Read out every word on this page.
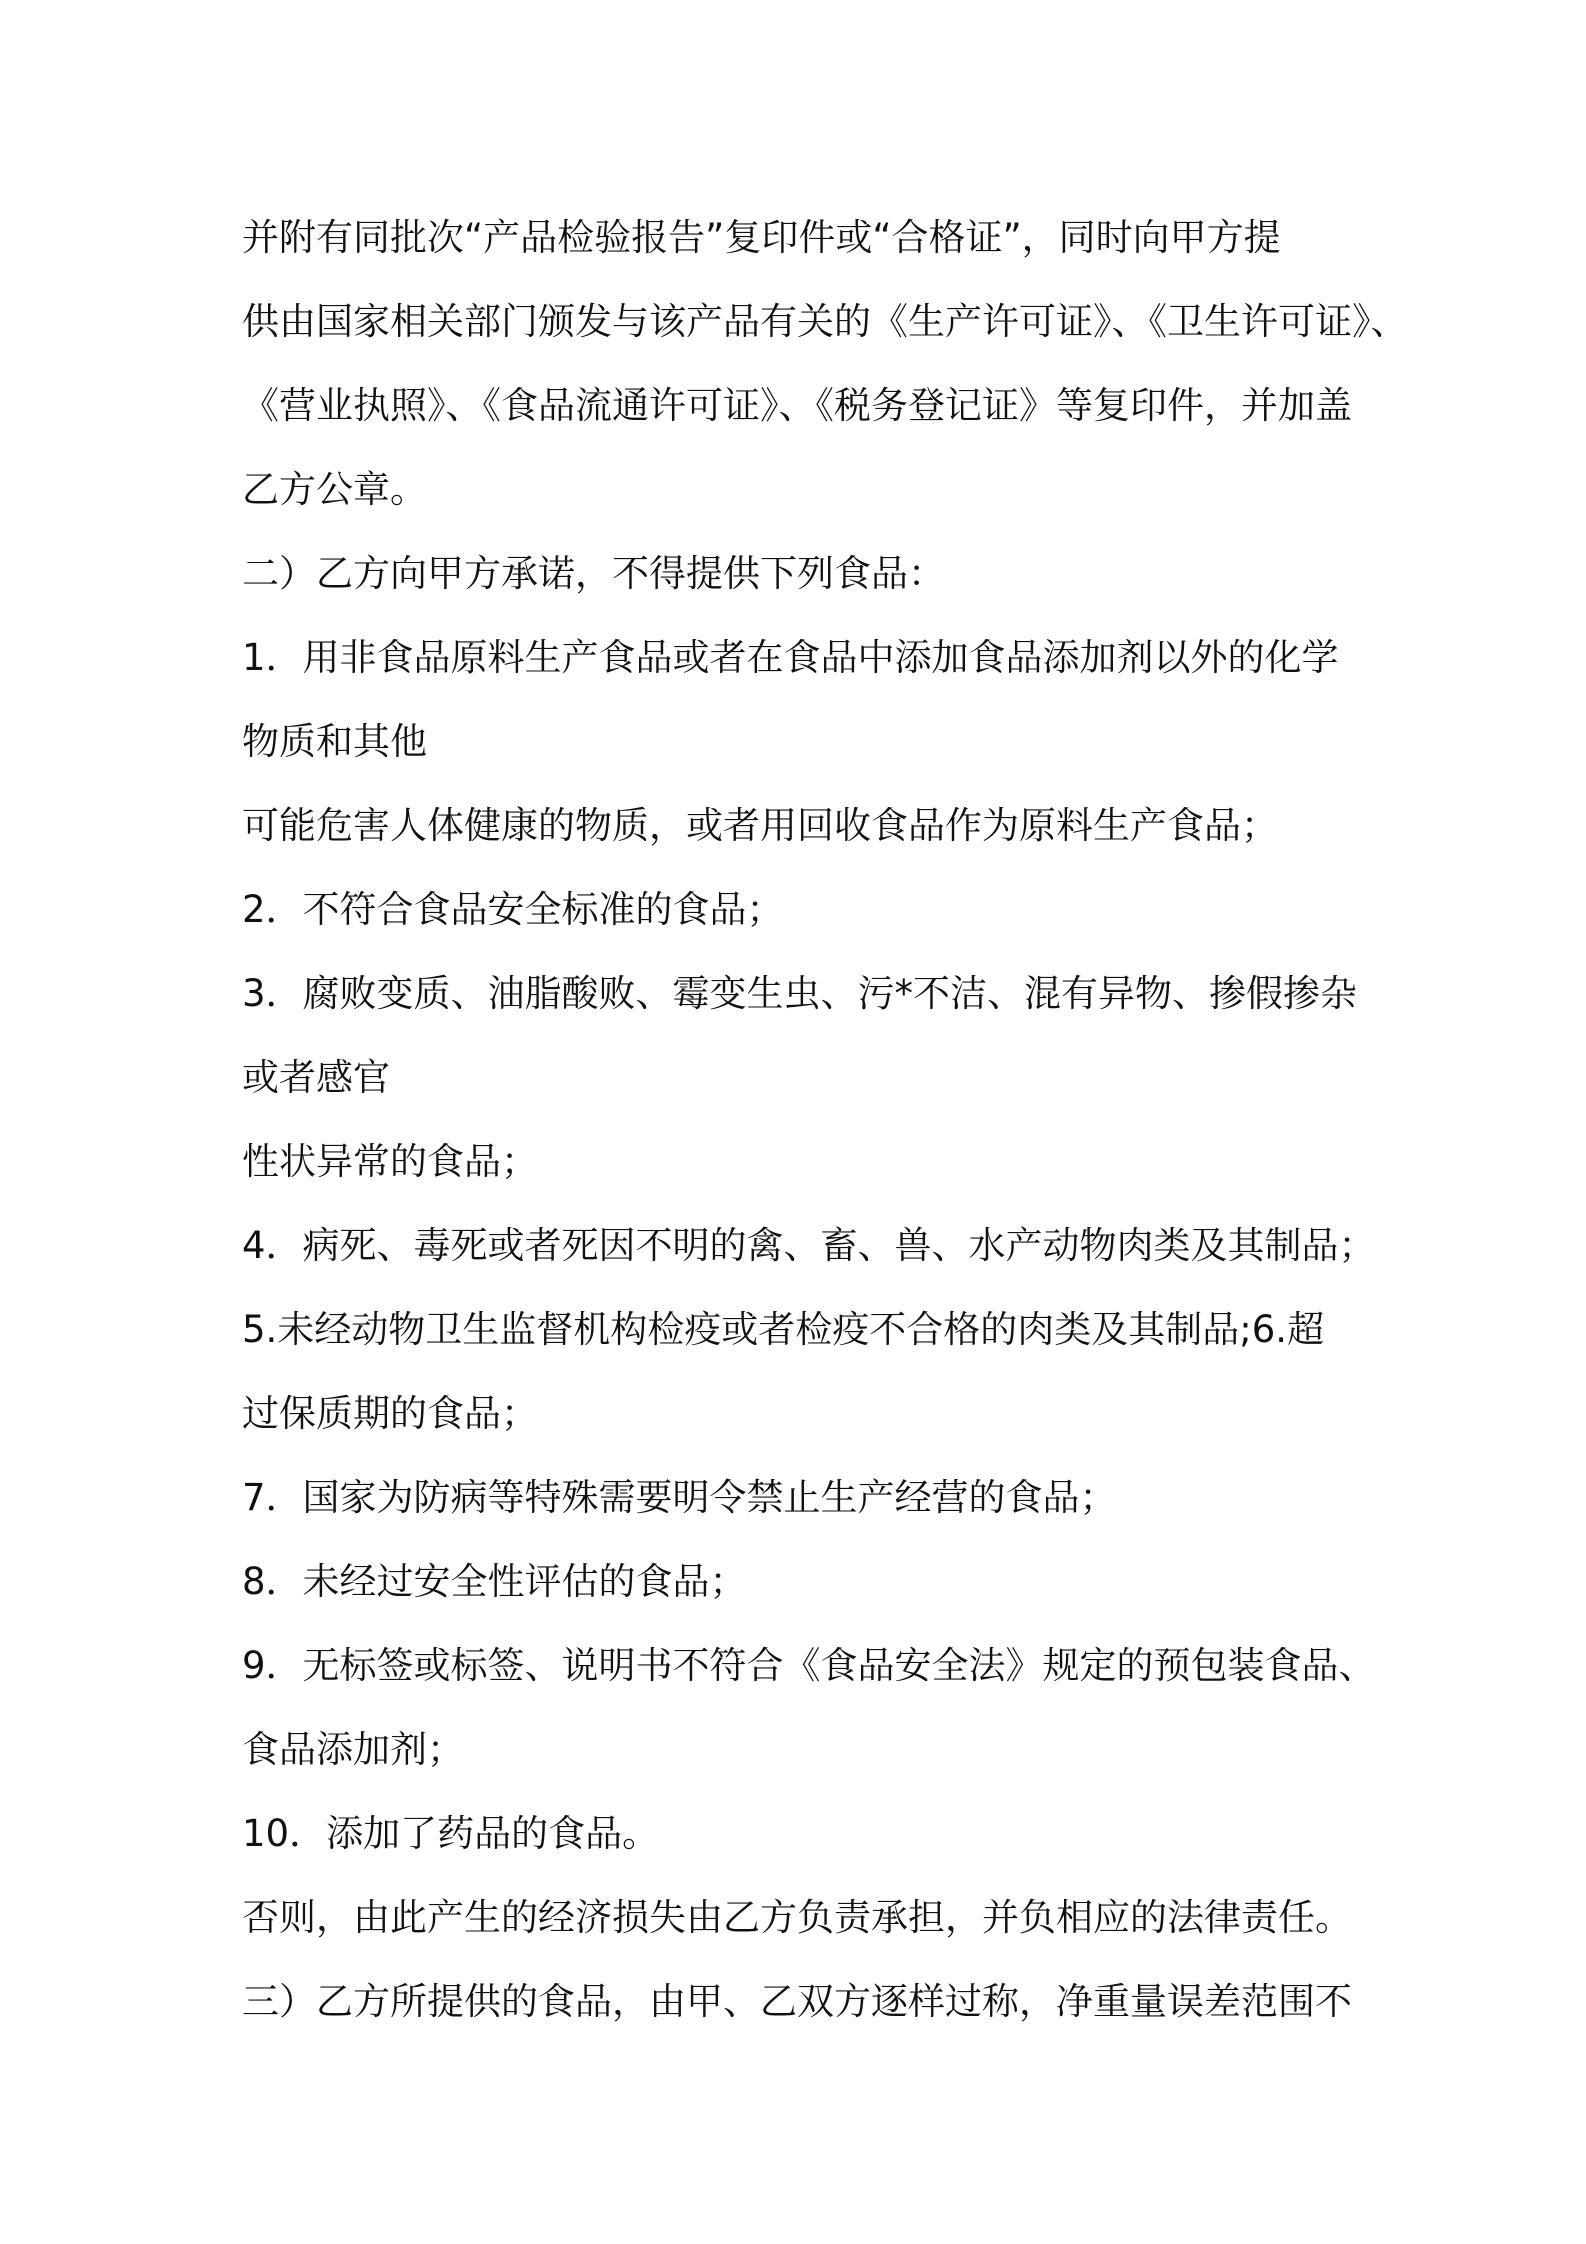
并附有同批次“产品检验报告”复印件或“合格证”，同时向甲方提
供由国家相关部门颁发与该产品有关的《生产许可证》、《卫生许可证》、
《营业执照》、《食品流通许可证》、《税务登记证》等复印件，并加盖
乙方公章。
二）乙方向甲方承诺，不得提供下列食品：
1．用非食品原料生产食品或者在食品中添加食品添加剂以外的化学
物质和其他
可能危害人体健康的物质，或者用回收食品作为原料生产食品；
2．不符合食品安全标准的食品；
3．腐败变质、油脂酸败、霉变生虫、污*不洁、混有异物、掺假掺杂
或者感官
性状异常的食品；
4．病死、毒死或者死因不明的禽、畜、兽、水产动物肉类及其制品；
5.未经动物卫生监督机构检疫或者检疫不合格的肉类及其制品;6.超
过保质期的食品；
7．国家为防病等特殊需要明令禁止生产经营的食品；
8．未经过安全性评估的食品；
9．无标签或标签、说明书不符合《食品安全法》规定的预包装食品、
食品添加剂；
10．添加了药品的食品。
否则，由此产生的经济损失由乙方负责承担，并负相应的法律责任。
三）乙方所提供的食品，由甲、乙双方逐样过称，净重量误差范围不
